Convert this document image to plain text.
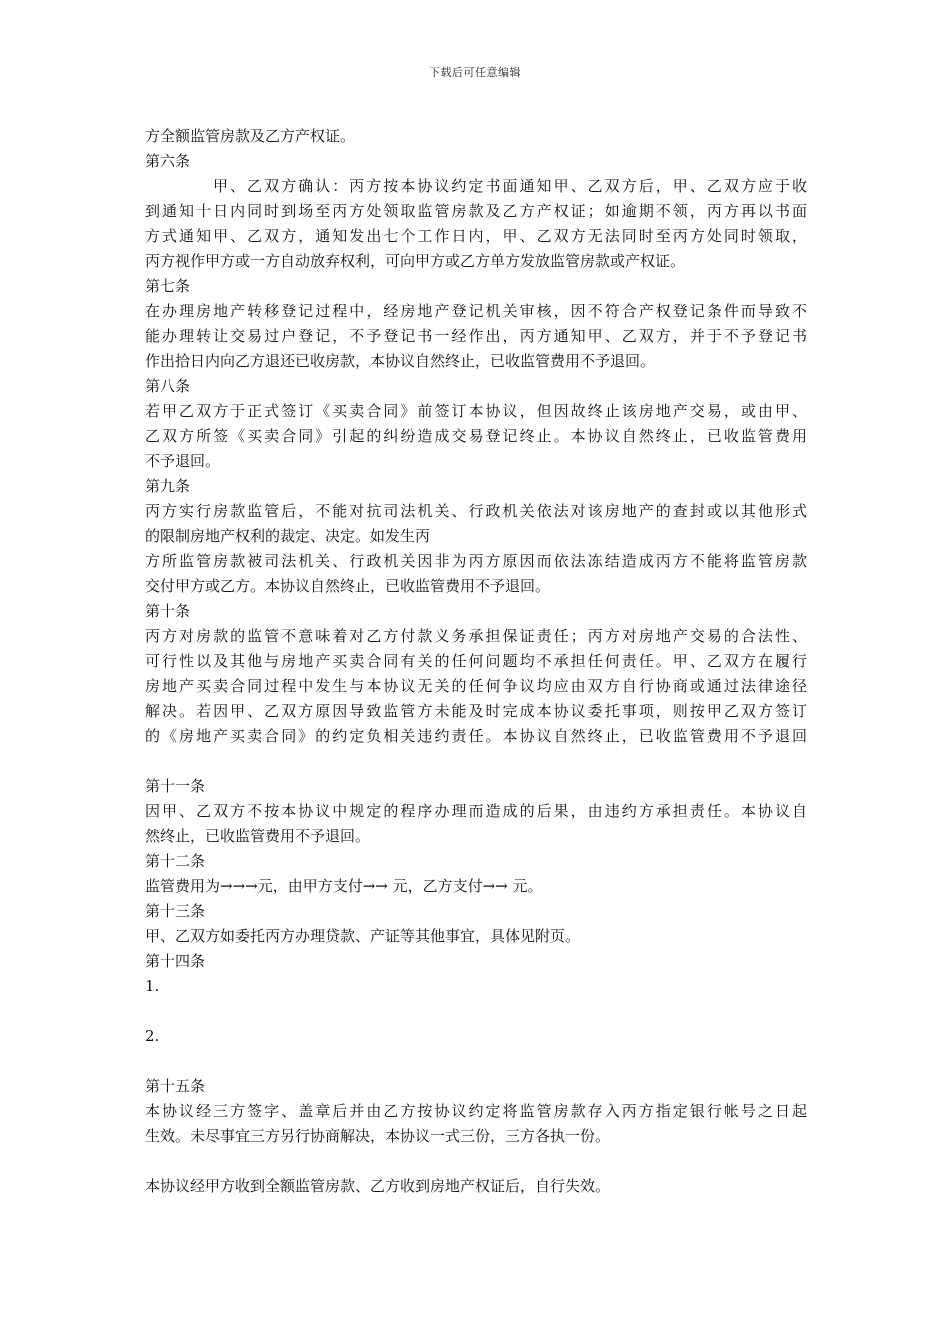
下载后可任意编辑
方全额监管房款及乙方产权证。
第六条
甲、乙双方确认：丙方按本协议约定书面通知甲、乙双方后，甲、乙双方应于收
到通知十日内同时到场至丙方处领取监管房款及乙方产权证；如逾期不领，丙方再以书面
方式通知甲、乙双方，通知发出七个工作日内，甲、乙双方无法同时至丙方处同时领取，
丙方视作甲方或一方自动放弃权利，可向甲方或乙方单方发放监管房款或产权证。
第七条
在办理房地产转移登记过程中，经房地产登记机关审核，因不符合产权登记条件而导致不
能办理转让交易过户登记，不予登记书一经作出，丙方通知甲、乙双方，并于不予登记书
作出拾日内向乙方退还已收房款，本协议自然终止，已收监管费用不予退回。
第八条
若甲乙双方于正式签订《买卖合同》前签订本协议，但因故终止该房地产交易，或由甲、
乙双方所签《买卖合同》引起的纠纷造成交易登记终止。本协议自然终止，已收监管费用
不予退回。
第九条
丙方实行房款监管后，不能对抗司法机关、行政机关依法对该房地产的查封或以其他形式
的限制房地产权利的裁定、决定。如发生丙
方所监管房款被司法机关、行政机关因非为丙方原因而依法冻结造成丙方不能将监管房款
交付甲方或乙方。本协议自然终止，已收监管费用不予退回。
第十条
丙方对房款的监管不意味着对乙方付款义务承担保证责任；丙方对房地产交易的合法性、
可行性以及其他与房地产买卖合同有关的任何问题均不承担任何责任。甲、乙双方在履行
房地产买卖合同过程中发生与本协议无关的任何争议均应由双方自行协商或通过法律途径
解决。若因甲、乙双方原因导致监管方未能及时完成本协议委托事项，则按甲乙双方签订
的《房地产买卖合同》的约定负相关违约责任。本协议自然终止，已收监管费用不予退回
第十一条
因甲、乙双方不按本协议中规定的程序办理而造成的后果，由违约方承担责任。本协议自
然终止，已收监管费用不予退回。
第十二条
监管费用为→→→元，由甲方支付→→ 元，乙方支付→→ 元。
第十三条
甲、乙双方如委托丙方办理贷款、产证等其他事宜，具体见附页。
第十四条
1.
2.
第十五条
本协议经三方签字、盖章后并由乙方按协议约定将监管房款存入丙方指定银行帐号之日起
生效。未尽事宜三方另行协商解决，本协议一式三份，三方各执一份。
本协议经甲方收到全额监管房款、乙方收到房地产权证后，自行失效。
